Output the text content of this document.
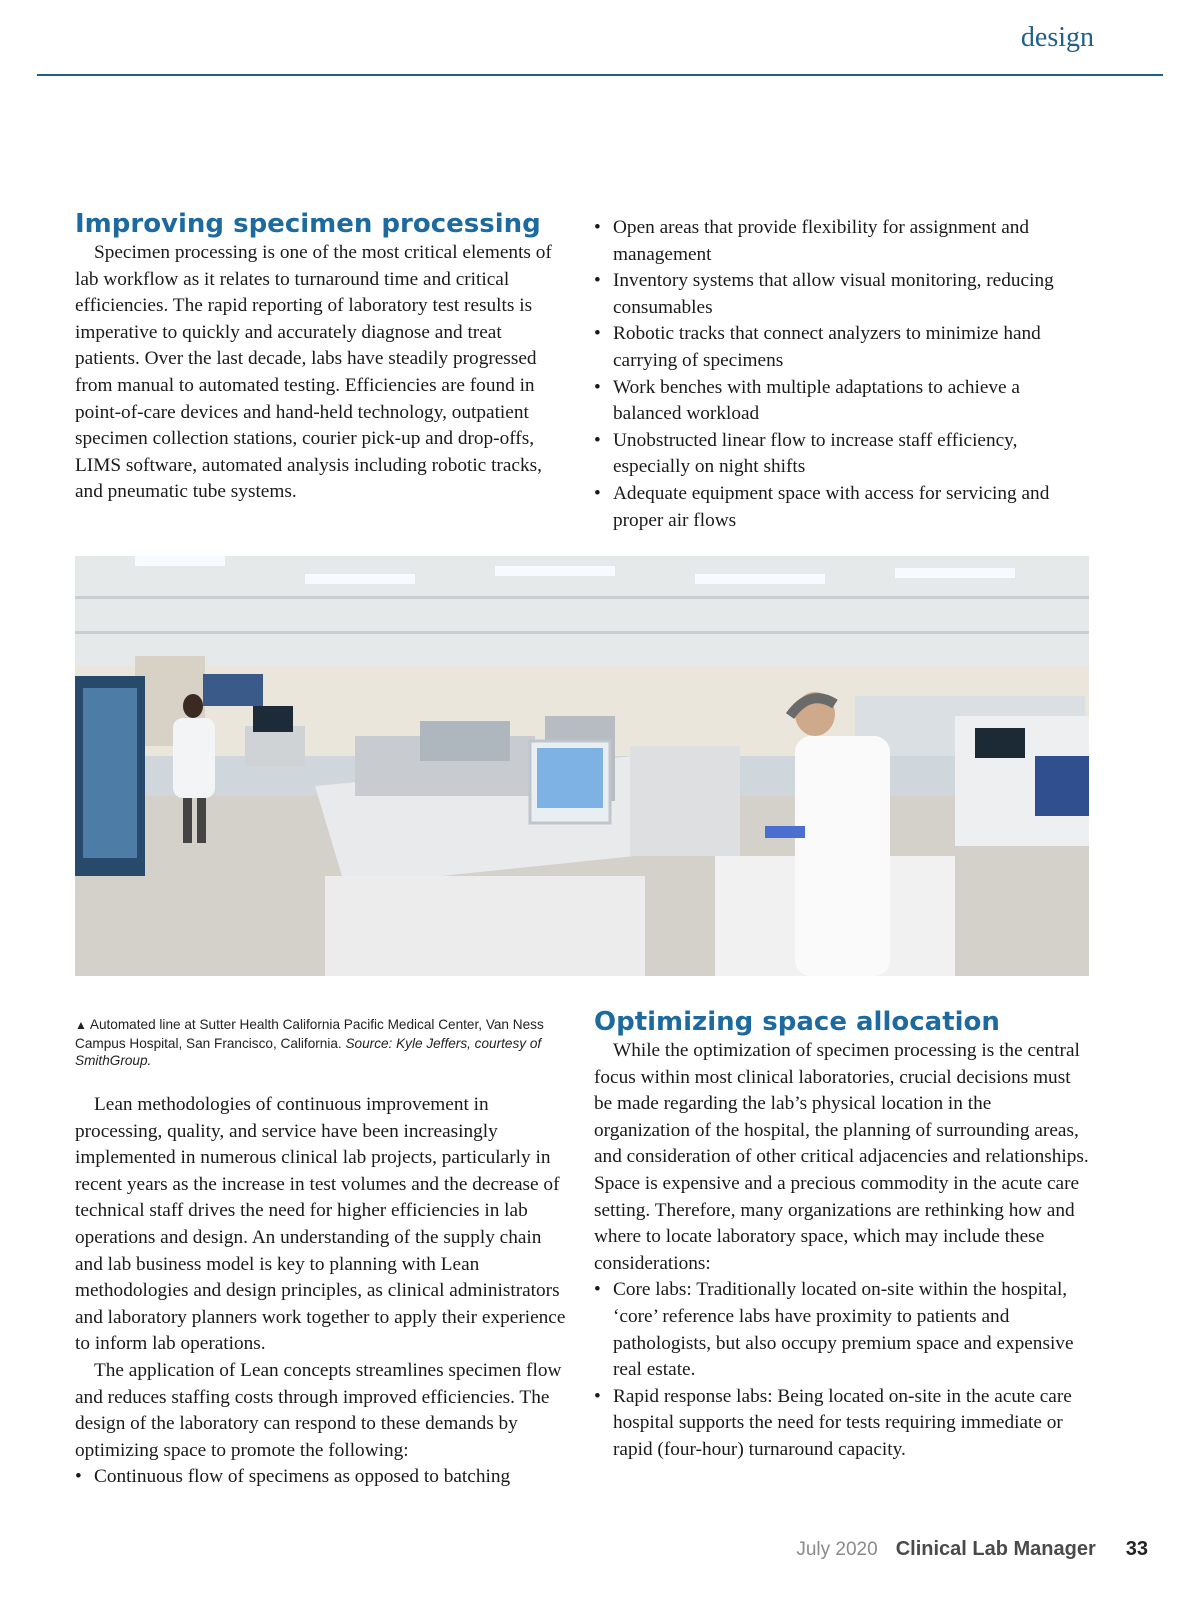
design
Improving specimen processing

Specimen processing is one of the most critical elements of lab workflow as it relates to turnaround time and critical efficiencies. The rapid reporting of laboratory test results is imperative to quickly and accurately diagnose and treat patients. Over the last decade, labs have steadily progressed from manual to automated testing. Efficiencies are found in point-of-care devices and hand-held technology, outpatient specimen collection stations, courier pick-up and drop-offs, LIMS software, automated analysis including robotic tracks, and pneumatic tube systems.

• Open areas that provide flexibility for assignment and management
• Inventory systems that allow visual monitoring, reducing consumables
• Robotic tracks that connect analyzers to minimize hand carrying of specimens
• Work benches with multiple adaptations to achieve a balanced workload
• Unobstructed linear flow to increase staff efficiency, especially on night shifts
• Adequate equipment space with access for servicing and proper air flows
▲ Automated line at Sutter Health California Pacific Medical Center, Van Ness Campus Hospital, San Francisco, California. Source: Kyle Jeffers, courtesy of SmithGroup.

Lean methodologies of continuous improvement in processing, quality, and service have been increasingly implemented in numerous clinical lab projects, particularly in recent years as the increase in test volumes and the decrease of technical staff drives the need for higher efficiencies in lab operations and design. An understanding of the supply chain and lab business model is key to planning with Lean methodologies and design principles, as clinical administrators and laboratory planners work together to apply their experience to inform lab operations.

The application of Lean concepts streamlines specimen flow and reduces staffing costs through improved efficiencies. The design of the laboratory can respond to these demands by optimizing space to promote the following:

• Continuous flow of specimens as opposed to batching
Optimizing space allocation

While the optimization of specimen processing is the central focus within most clinical laboratories, crucial decisions must be made regarding the lab’s physical location in the organization of the hospital, the planning of surrounding areas, and consideration of other critical adjacencies and relationships. Space is expensive and a precious commodity in the acute care setting. Therefore, many organizations are rethinking how and where to locate laboratory space, which may include these considerations:

• Core labs: Traditionally located on-site within the hospital, ‘core’ reference labs have proximity to patients and pathologists, but also occupy premium space and expensive real estate.
• Rapid response labs: Being located on-site in the acute care hospital supports the need for tests requiring immediate or rapid (four-hour) turnaround capacity.
July 2020 Clinical Lab Manager 33
